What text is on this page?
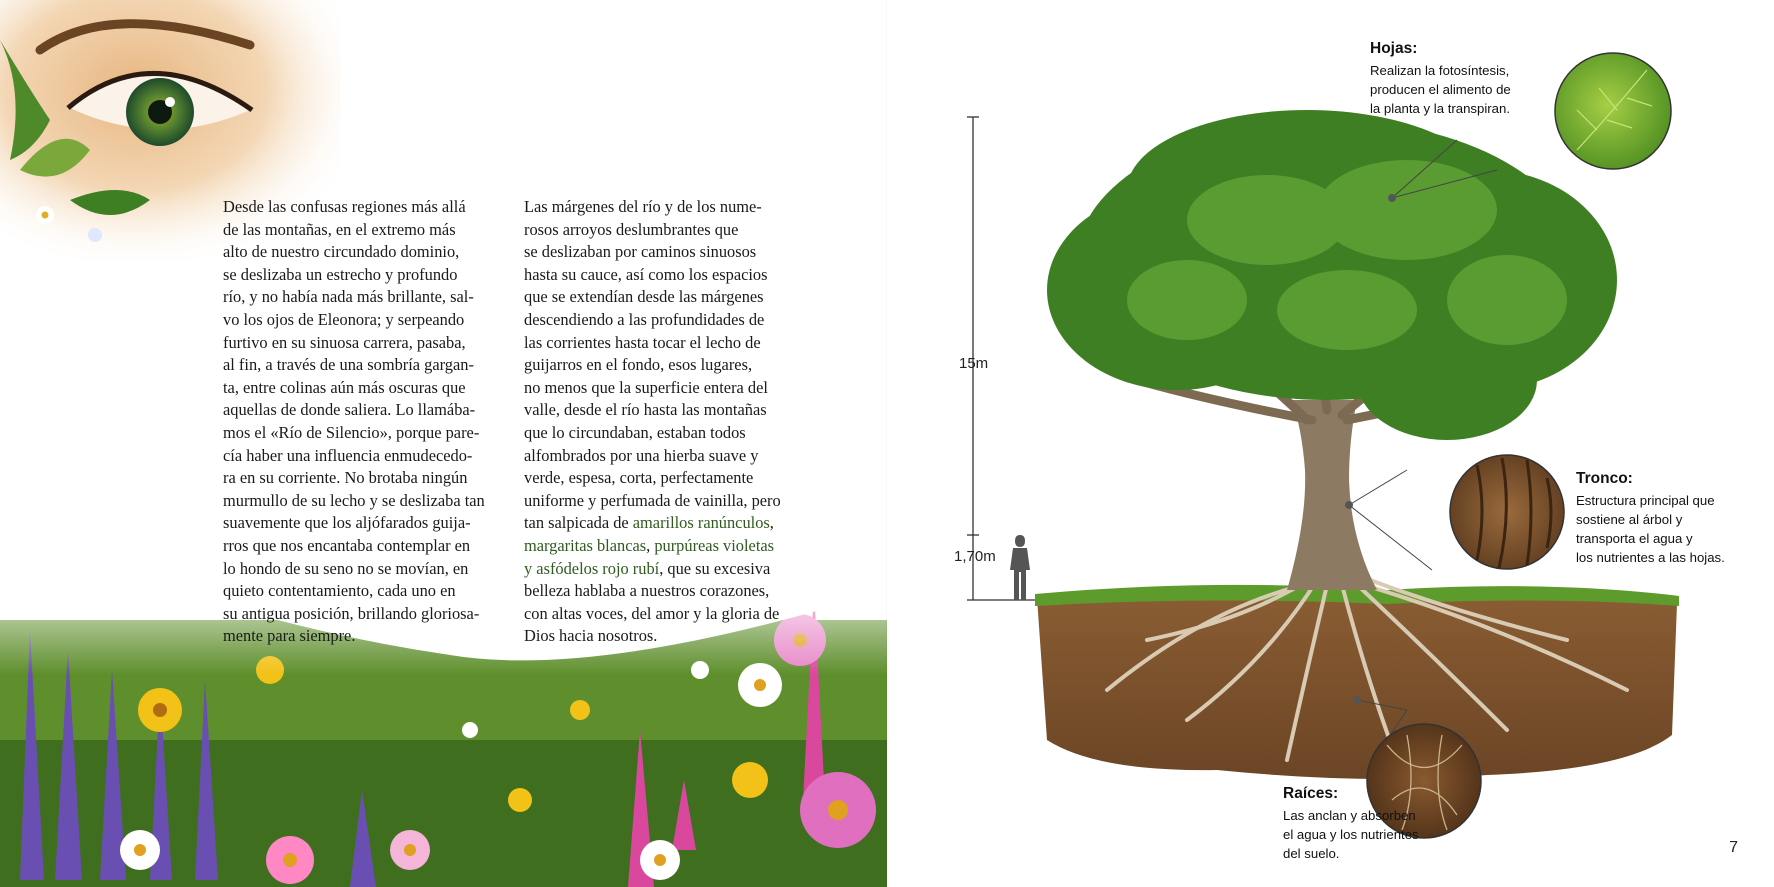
Desde las confusas regiones más allá
de las montañas, en el extremo más
alto de nuestro circundado dominio,
se deslizaba un estrecho y profundo
río, y no había nada más brillante, sal-
vo los ojos de Eleonora; y serpeando
furtivo en su sinuosa carrera, pasaba,
al fin, a través de una sombría gargan-
ta, entre colinas aún más oscuras que
aquellas de donde saliera. Lo llamába-
mos el «Río de Silencio», porque pare-
cía haber una influencia enmudecedo-
ra en su corriente. No brotaba ningún
murmullo de su lecho y se deslizaba tan
suavemente que los aljófarados guija-
rros que nos encantaba contemplar en
lo hondo de su seno no se movían, en
quieto contentamiento, cada uno en
su antigua posición, brillando gloriosa-
mente para siempre.
Las márgenes del río y de los nume-
rosos arroyos deslumbrantes que
se deslizaban por caminos sinuosos
hasta su cauce, así como los espacios
que se extendían desde las márgenes
descendiendo a las profundidades de
las corrientes hasta tocar el lecho de
guijarros en el fondo, esos lugares,
no menos que la superficie entera del
valle, desde el río hasta las montañas
que lo circundaban, estaban todos
alfombrados por una hierba suave y
verde, espesa, corta, perfectamente
uniforme y perfumada de vainilla, pero
tan salpicada de amarillos ranúnculos,
margaritas blancas, purpúreas violetas
y asfódelos rojo rubí, que su excesiva
belleza hablaba a nuestros corazones,
con altas voces, del amor y la gloria de
Dios hacia nosotros.
15m
1,70m
Hojas:
Realizan la fotosíntesis,
producen el alimento de
la planta y la transpiran.
Tronco:
Estructura principal que
sostiene al árbol y
transporta el agua y
los nutrientes a las hojas.
Raíces:
Las anclan y absorben
el agua y los nutrientes
del suelo.	7
